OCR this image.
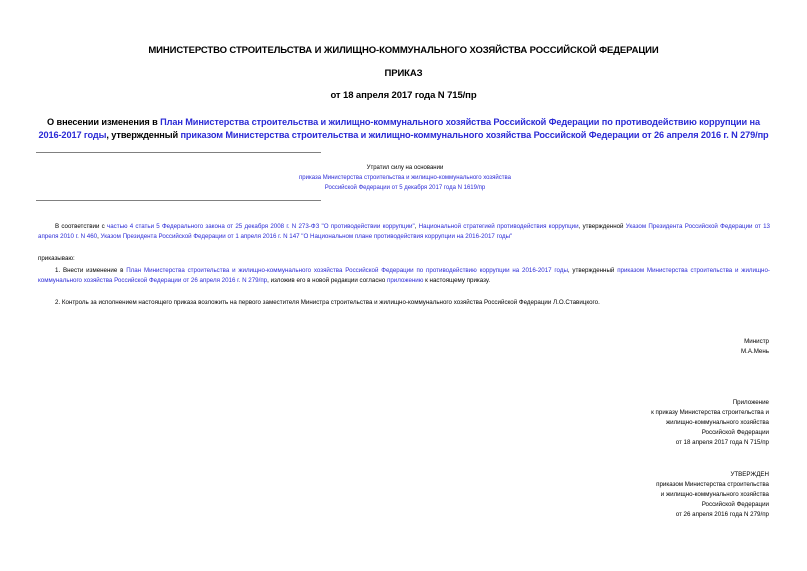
МИНИСТЕРСТВО СТРОИТЕЛЬСТВА И ЖИЛИЩНО-КОММУНАЛЬНОГО ХОЗЯЙСТВА РОССИЙСКОЙ ФЕДЕРАЦИИ
ПРИКАЗ
от 18 апреля 2017 года N 715/пр
О внесении изменения в План Министерства строительства и жилищно-коммунального хозяйства Российской Федерации по противодействию коррупции на 2016-2017 годы, утвержденный приказом Министерства строительства и жилищно-коммунального хозяйства Российской Федерации от 26 апреля 2016 г. N 279/пр
Утратил силу на основании
приказа Министерства строительства и жилищно-коммунального хозяйства
Российской Федерации от 5 декабря 2017 года N 1619/пр
В соответствии с частью 4 статьи 5 Федерального закона от 25 декабря 2008 г. N 273-ФЗ "О противодействии коррупции", Национальной стратегией противодействия коррупции, утвержденной Указом Президента Российской Федерации от 13 апреля 2010 г. N 460, Указом Президента Российской Федерации от 1 апреля 2016 г. N 147 "О Национальном плане противодействия коррупции на 2016-2017 годы"
приказываю:
1. Внести изменение в План Министерства строительства и жилищно-коммунального хозяйства Российской Федерации по противодействию коррупции на 2016-2017 годы, утвержденный приказом Министерства строительства и жилищно-коммунального хозяйства Российской Федерации от 26 апреля 2016 г. N 279/пр, изложив его в новой редакции согласно приложению к настоящему приказу.
2. Контроль за исполнением настоящего приказа возложить на первого заместителя Министра строительства и жилищно-коммунального хозяйства Российской Федерации Л.О.Ставицкого.
Министр
М.А.Мень
Приложение
к приказу Министерства строительства и
жилищно-коммунального хозяйства
Российской Федерации
от 18 апреля 2017 года N 715/пр
УТВЕРЖДЕН
приказом Министерства строительства
и жилищно-коммунального хозяйства
Российской Федерации
от 26 апреля 2016 года N 279/пр
